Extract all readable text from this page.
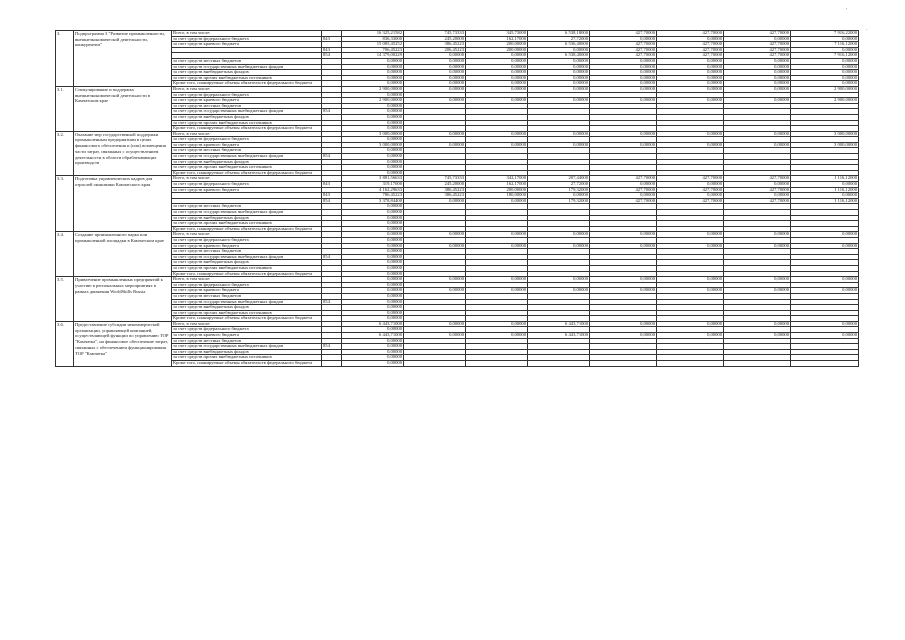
'
.
3.	Подпрограмма 3 "Развитие промышленности, внешнеэкономической деятельности, конкурентии"	Всего, в том числе:		16 325,21582	745,73333	345,73000	6 538,18000	427,70000	427,70000	427,70000	7 916,22000
		за счет средств федерального бюджета	843	836,33000	245,20000	162,17000	27,72000	0,00000	0,00000	0,00000	0,00000
		за счет средств краевого бюджета		15 085,45252	386,45223	200,00000	6 536,40000	427,70000	427,70000	427,70000	7 116,12000
			843	706,45223	206,45223	200,00000	0,00000	427,70000	427,70000	427,70000	0,00000
			854	14 379,00229	0,00000	0,00000	6 538,40000	427,70000	427,70000	427,70000	7 916,12000
		за счет средств местных бюджетов		0,00000	0,00000	0,00000	0,00000	0,00000	0,00000	0,00000	0,00000
		за счет средств государственных внебюджетных фондов		0,00000	0,00000	0,00000	0,00000	0,00000	0,00000	0,00000	0,00000
		за счет средств внебюджетных фондов		0,00000	0,00000	0,00000	0,00000	0,00000	0,00000	0,00000	0,00000
		за счет средств прочих внебюджетных источников		0,00000	0,00000	0,00000	0,00000	0,00000	0,00000	0,00000	0,00000
		Кроме того, планируемые объемы обязательств федерального бюджета		0,00000	0,00000	0,00000	0,00000	0,00000	0,00000	0,00000	0,00000
3.1.	Стимулирование и поддержка внешнеэкономической деятельности в Камчатском крае	Всего, в том числе:		2 900,00000	0,00000	0,00000	0,00000	0,00000	0,00000	0,00000	2 900,00000
		за счет средств федерального бюджета		0,00000							
		за счет средств краевого бюджета		2 900,00000	0,00000	0,00000	0,00000	0,00000	0,00000	0,00000	2 900,00000
		за счет средств местных бюджетов		0,00000							
		за счет средств государственных внебюджетных фондов	854	0,00000							
		за счет средств внебюджетных фондов		0,00000							
		за счет средств прочих внебюджетных источников		0,00000							
		Кроме того, планируемые объемы обязательств федерального бюджета		0,00000							
3.2.	Оказание мер государственной поддержки промышленным предприятиям в целях финансового обеспечения и (или) возмещения части затрат, связанных с осуществлением деятельности в области обрабатывающих производств	Всего, в том числе:		3 000,00000	0,00000	0,00000	0,00000	0,00000	0,00000	0,00000	3 000,00000
		за счет средств федерального бюджета		0,00000							
		за счет средств краевого бюджета		3 000,00000	0,00000	0,00000	0,00000	0,00000	0,00000	0,00000	3 000,00000
		за счет средств местных бюджетов		0,00000							
		за счет средств государственных внебюджетных фондов	854	0,00000							
		за счет средств внебюджетных фондов		0,00000							
		за счет средств прочих внебюджетных источников		0,00000							
		Кроме того, планируемые объемы обязательств федерального бюджета		0,00000							
3.3.	Подготовка управленческих кадров для отраслей экономики Камчатского края	Всего, в том числе:		3 881,56633	745,73333	342,17000	207,44000	427,70000	427,70000	427,70000	1 116,12000
		за счет средств федерального бюджета	843	319,17000	245,20000	162,17000	27,72000	0,00000	0,00000	0,00000	0,00000
		за счет средств краевого бюджета		4 162,29633	386,45223	200,00000	179,32000	427,70000	427,70000	427,70000	1 116,12000
			843	786,45223	386,45223	180,00000	0,00000	0,00000	0,00000	0,00000	0,00000
			854	3 378,84400	0,00000	0,00000	179,32000	427,70000	427,70000	427,70000	1 116,12000
		за счет средств местных бюджетов		0,00000							
		за счет средств государственных внебюджетных фондов		0,00000							
		за счет средств внебюджетных фондов		0,00000							
		за счет средств прочих внебюджетных источников		0,00000							
		Кроме того, планируемые объемы обязательств федерального бюджета		0,00000							
3.4.	Создание промышленного парка или промышленной площадки в Камчатском крае	Всего, в том числе:		0,00000	0,00000	0,00000	0,00000	0,00000	0,00000	0,00000	0,00000
		за счет средств федерального бюджета		0,00000							
		за счет средств краевого бюджета		0,00000	0,00000	0,00000	0,00000	0,00000	0,00000	0,00000	0,00000
		за счет средств местных бюджетов		0,00000							
		за счет средств государственных внебюджетных фондов	854	0,00000							
		за счет средств внебюджетных фондов		0,00000							
		за счет средств прочих внебюджетных источников		0,00000							
		Кроме того, планируемые объемы обязательств федерального бюджета		0,00000							
3.5.	Привлечение промышленных предприятий к участию в региональных мероприятиях в рамках движения WorldSkills Russia	Всего, в том числе:		0,00000	0,00000	0,00000	0,00000	0,00000	0,00000	0,00000	0,00000
		за счет средств федерального бюджета		0,00000							
		за счет средств краевого бюджета		0,00000	0,00000	0,00000	0,00000	0,00000	0,00000	0,00000	0,00000
		за счет средств местных бюджетов		0,00000							
		за счет средств государственных внебюджетных фондов	854	0,00000							
		за счет средств внебюджетных фондов		0,00000							
		за счет средств прочих внебюджетных источников		0,00000							
		Кроме того, планируемые объемы обязательств федерального бюджета		0,00000							
3.6.	Предоставление субсидии некоммерческой организации, управляющей компанией, осуществляющей функции по управлению ТОР "Камчатка", на финансовое обеспечение затрат, связанных с обеспечением функционирования ТОР "Камчатка"	Всего, в том числе:		6 443,71000	0,00000	0,00000	6 443,71000	0,00000	0,00000	0,00000	0,00000
		за счет средств федерального бюджета		0,00000							
		за счет средств краевого бюджета		6 443,71000	0,00000	0,00000	6 443,71000	0,00000	0,00000	0,00000	0,00000
		за счет средств местных бюджетов		0,00000							
		за счет средств государственных внебюджетных фондов	854	0,00000							
		за счет средств внебюджетных фондов		0,00000							
		за счет средств прочих внебюджетных источников		0,00000							
		Кроме того, планируемые объемы обязательств федерального бюджета		0,00000							
